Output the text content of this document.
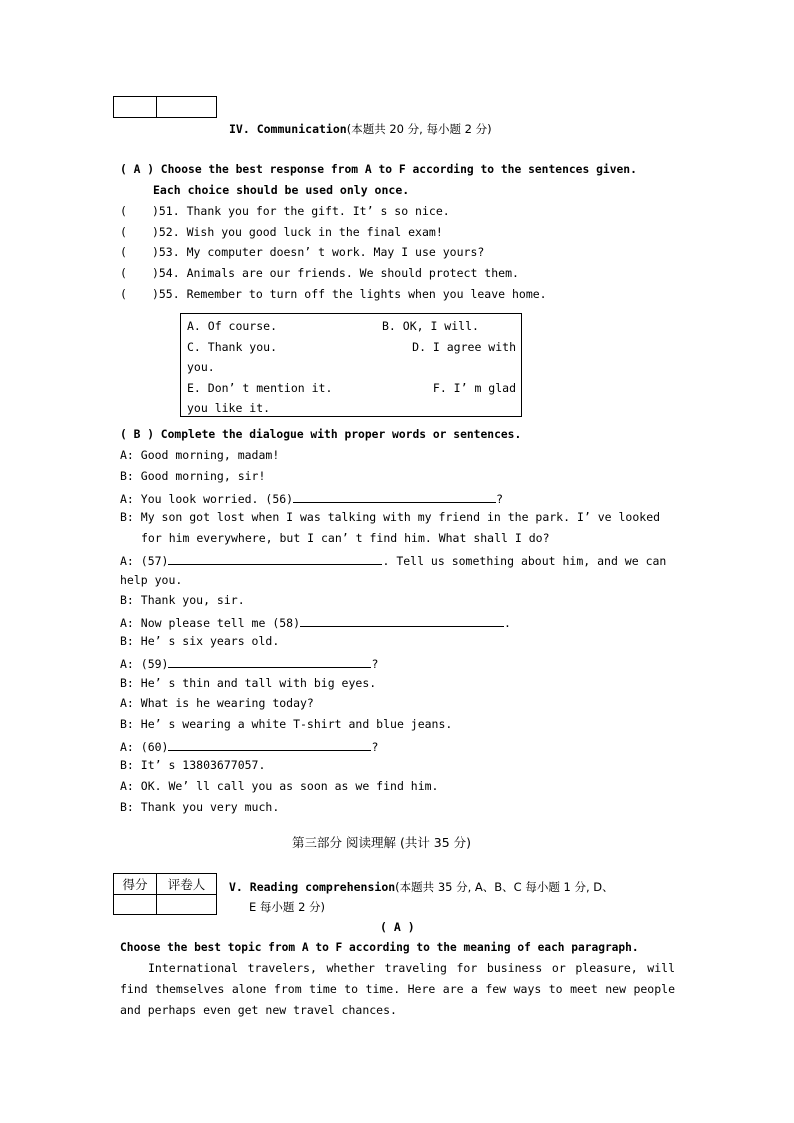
IV. Communication(本题共 20 分, 每小题 2 分)
( A ) Choose the best response from A to F according to the sentences given.
Each choice should be used only once.
( )51. Thank you for the gift. It’ s so nice.
( )52. Wish you good luck in the final exam!
( )53. My computer doesn’ t work. May I use yours?
( )54. Animals are our friends. We should protect them.
( )55. Remember to turn off the lights when you leave home.
A. Of course.	B. OK, I will.
C. Thank you.	D. I agree with
you.
E. Don’ t mention it.	F. I’ m glad
you like it.
( B ) Complete the dialogue with proper words or sentences.
A: Good morning, madam!
B: Good morning, sir!
A: You look worried. (56)	?
B: My son got lost when I was talking with my friend in the park. I’ ve looked
for him everywhere, but I can’ t find him. What shall I do?
A: (57)	. Tell us something about him, and we can
help you.
B: Thank you, sir.
A: Now please tell me (58)	.
B: He’ s six years old.
A: (59)	?
B: He’ s thin and tall with big eyes.
A: What is he wearing today?
B: He’ s wearing a white T-shirt and blue jeans.
A: (60)	?
B: It’ s 13803677057.
A: OK. We’ ll call you as soon as we find him.
B: Thank you very much.
第三部分 阅读理解 (共计 35 分)
得分	评卷人
	V. Reading comprehension(本题共 35 分, A、B、C 每小题 1 分, D、
E 每小题 2 分)
( A )
Choose the best topic from A to F according to the meaning of each paragraph.
International travelers, whether traveling for business or pleasure, will find themselves alone from time to time. Here are a few ways to meet new people and perhaps even get new travel chances.
